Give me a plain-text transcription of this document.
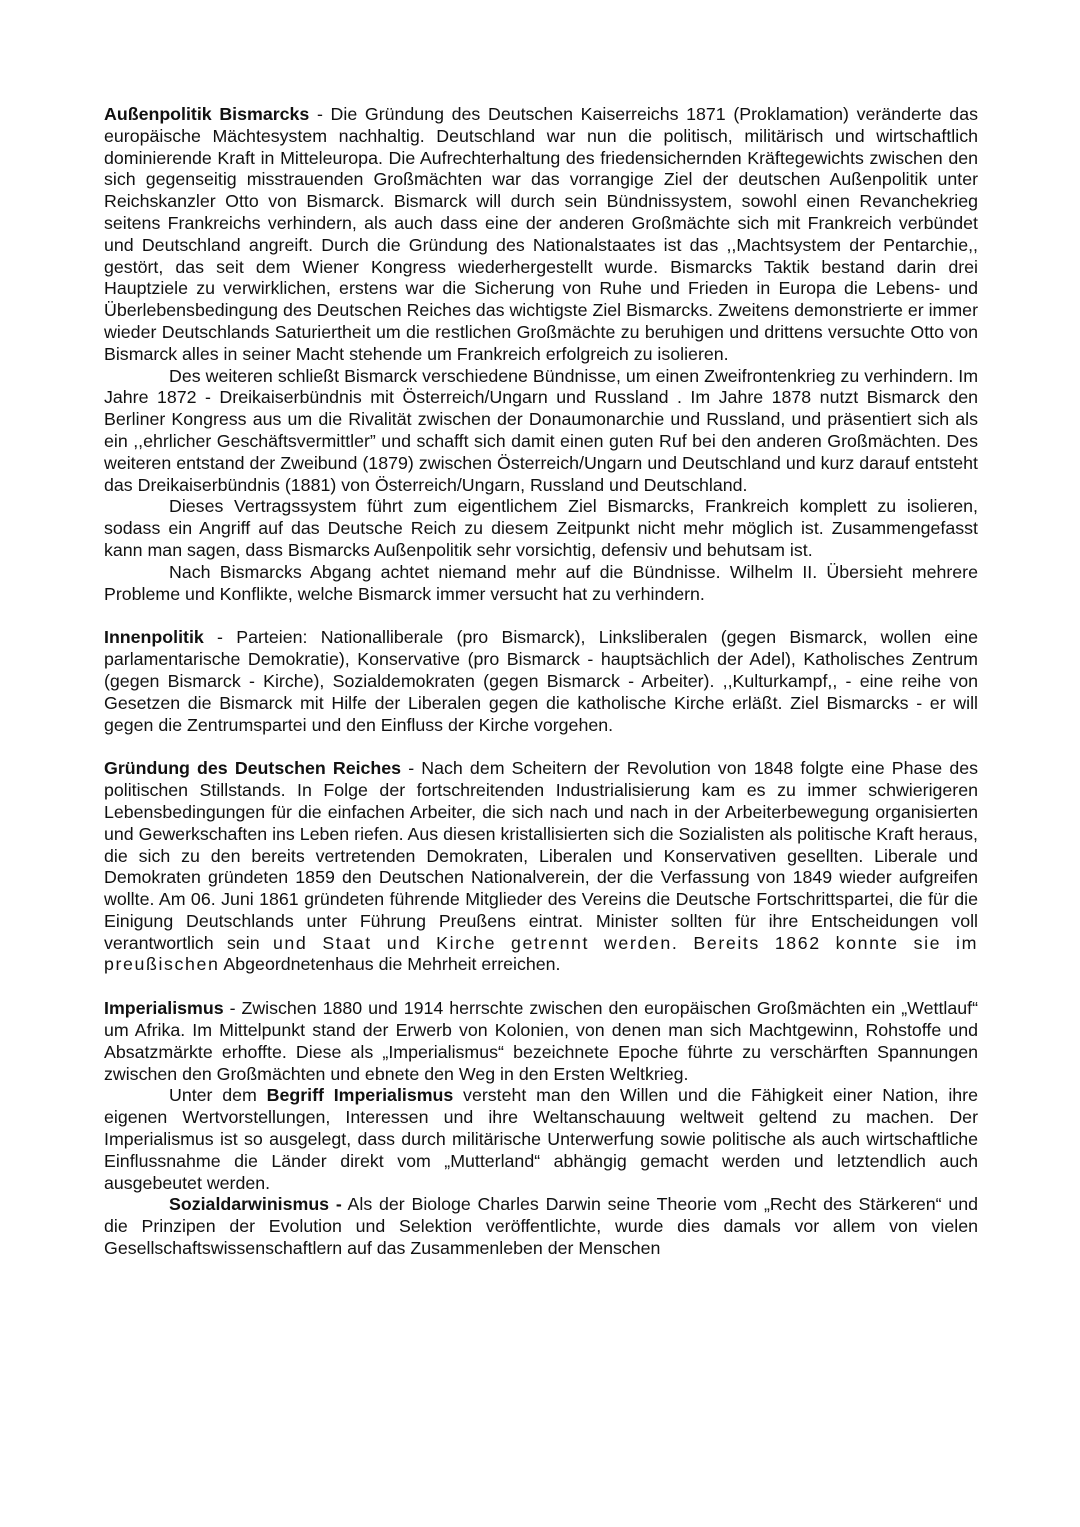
Außenpolitik Bismarcks - Die Gründung des Deutschen Kaiserreichs 1871 (Proklamation) veränderte das europäische Mächtesystem nachhaltig. Deutschland war nun die politisch, militärisch und wirtschaftlich dominierende Kraft in Mitteleuropa. Die Aufrechterhaltung des friedensichernden Kräftegewichts zwischen den sich gegenseitig misstrauenden Großmächten war das vorrangige Ziel der deutschen Außenpolitik unter Reichskanzler Otto von Bismarck. Bismarck will durch sein Bündnissystem, sowohl einen Revanchekrieg seitens Frankreichs verhindern, als auch dass eine der anderen Großmächte sich mit Frankreich verbündet und Deutschland angreift. Durch die Gründung des Nationalstaates ist das ,,Machtsystem der Pentarchie,, gestört, das seit dem Wiener Kongress wiederhergestellt wurde. Bismarcks Taktik bestand darin drei Hauptziele zu verwirklichen, erstens war die Sicherung von Ruhe und Frieden in Europa die Lebens- und Überlebensbedingung des Deutschen Reiches das wichtigste Ziel Bismarcks. Zweitens demonstrierte er immer wieder Deutschlands Saturiertheit um die restlichen Großmächte zu beruhigen und drittens versuchte Otto von Bismarck alles in seiner Macht stehende um Frankreich erfolgreich zu isolieren.

Des weiteren schließt Bismarck verschiedene Bündnisse, um einen Zweifrontenkrieg zu verhindern. Im Jahre 1872 - Dreikaiserbündnis mit Österreich/Ungarn und Russland . Im Jahre 1878 nutzt Bismarck den Berliner Kongress aus um die Rivalität zwischen der Donaumonarchie und Russland, und präsentiert sich als ein ,,ehrlicher Geschäftsvermittler” und schafft sich damit einen guten Ruf bei den anderen Großmächten. Des weiteren entstand der Zweibund (1879) zwischen Österreich/Ungarn und Deutschland und kurz darauf entsteht das Dreikaiserbündnis (1881) von Österreich/Ungarn, Russland und Deutschland.

Dieses Vertragssystem führt zum eigentlichem Ziel Bismarcks, Frankreich komplett zu isolieren, sodass ein Angriff auf das Deutsche Reich zu diesem Zeitpunkt nicht mehr möglich ist. Zusammengefasst kann man sagen, dass Bismarcks Außenpolitik sehr vorsichtig, defensiv und behutsam ist.

Nach Bismarcks Abgang achtet niemand mehr auf die Bündnisse. Wilhelm II. Übersieht mehrere Probleme und Konflikte, welche Bismarck immer versucht hat zu verhindern.

Innenpolitik - Parteien: Nationalliberale (pro Bismarck), Linksliberalen (gegen Bismarck, wollen eine parlamentarische Demokratie), Konservative (pro Bismarck - hauptsächlich der Adel), Katholisches Zentrum (gegen Bismarck - Kirche), Sozialdemokraten (gegen Bismarck - Arbeiter). ,,Kulturkampf,, - eine reihe von Gesetzen die Bismarck mit Hilfe der Liberalen gegen die katholische Kirche erläßt. Ziel Bismarcks - er will gegen die Zentrumspartei und den Einfluss der Kirche vorgehen.

Gründung des Deutschen Reiches - Nach dem Scheitern der Revolution von 1848 folgte eine Phase des politischen Stillstands. In Folge der fortschreitenden Industrialisierung kam es zu immer schwierigeren Lebensbedingungen für die einfachen Arbeiter, die sich nach und nach in der Arbeiterbewegung organisierten und Gewerkschaften ins Leben riefen. Aus diesen kristallisierten sich die Sozialisten als politische Kraft heraus, die sich zu den bereits vertretenden Demokraten, Liberalen und Konservativen gesellten. Liberale und Demokraten gründeten 1859 den Deutschen Nationalverein, der die Verfassung von 1849 wieder aufgreifen wollte. Am 06. Juni 1861 gründeten führende Mitglieder des Vereins die Deutsche Fortschrittspartei, die für die Einigung Deutschlands unter Führung Preußens eintrat. Minister sollten für ihre Entscheidungen voll verantwortlich sein und Staat und Kirche getrennt werden. Bereits 1862 konnte sie im preußischen Abgeordnetenhaus die Mehrheit erreichen.

Imperialismus - Zwischen 1880 und 1914 herrschte zwischen den europäischen Großmächten ein „Wettlauf“ um Afrika. Im Mittelpunkt stand der Erwerb von Kolonien, von denen man sich Machtgewinn, Rohstoffe und Absatzmärkte erhoffte. Diese als „Imperialismus“ bezeichnete Epoche führte zu verschärften Spannungen zwischen den Großmächten und ebnete den Weg in den Ersten Weltkrieg.

Unter dem Begriff Imperialismus versteht man den Willen und die Fähigkeit einer Nation, ihre eigenen Wertvorstellungen, Interessen und ihre Weltanschauung weltweit geltend zu machen. Der Imperialismus ist so ausgelegt, dass durch militärische Unterwerfung sowie politische als auch wirtschaftliche Einflussnahme die Länder direkt vom „Mutterland“ abhängig gemacht werden und letztendlich auch ausgebeutet werden.

Sozialdarwinismus - Als der Biologe Charles Darwin seine Theorie vom „Recht des Stärkeren“ und die Prinzipen der Evolution und Selektion veröffentlichte, wurde dies damals vor allem von vielen Gesellschaftswissenschaftlern auf das Zusammenleben der Menschen
